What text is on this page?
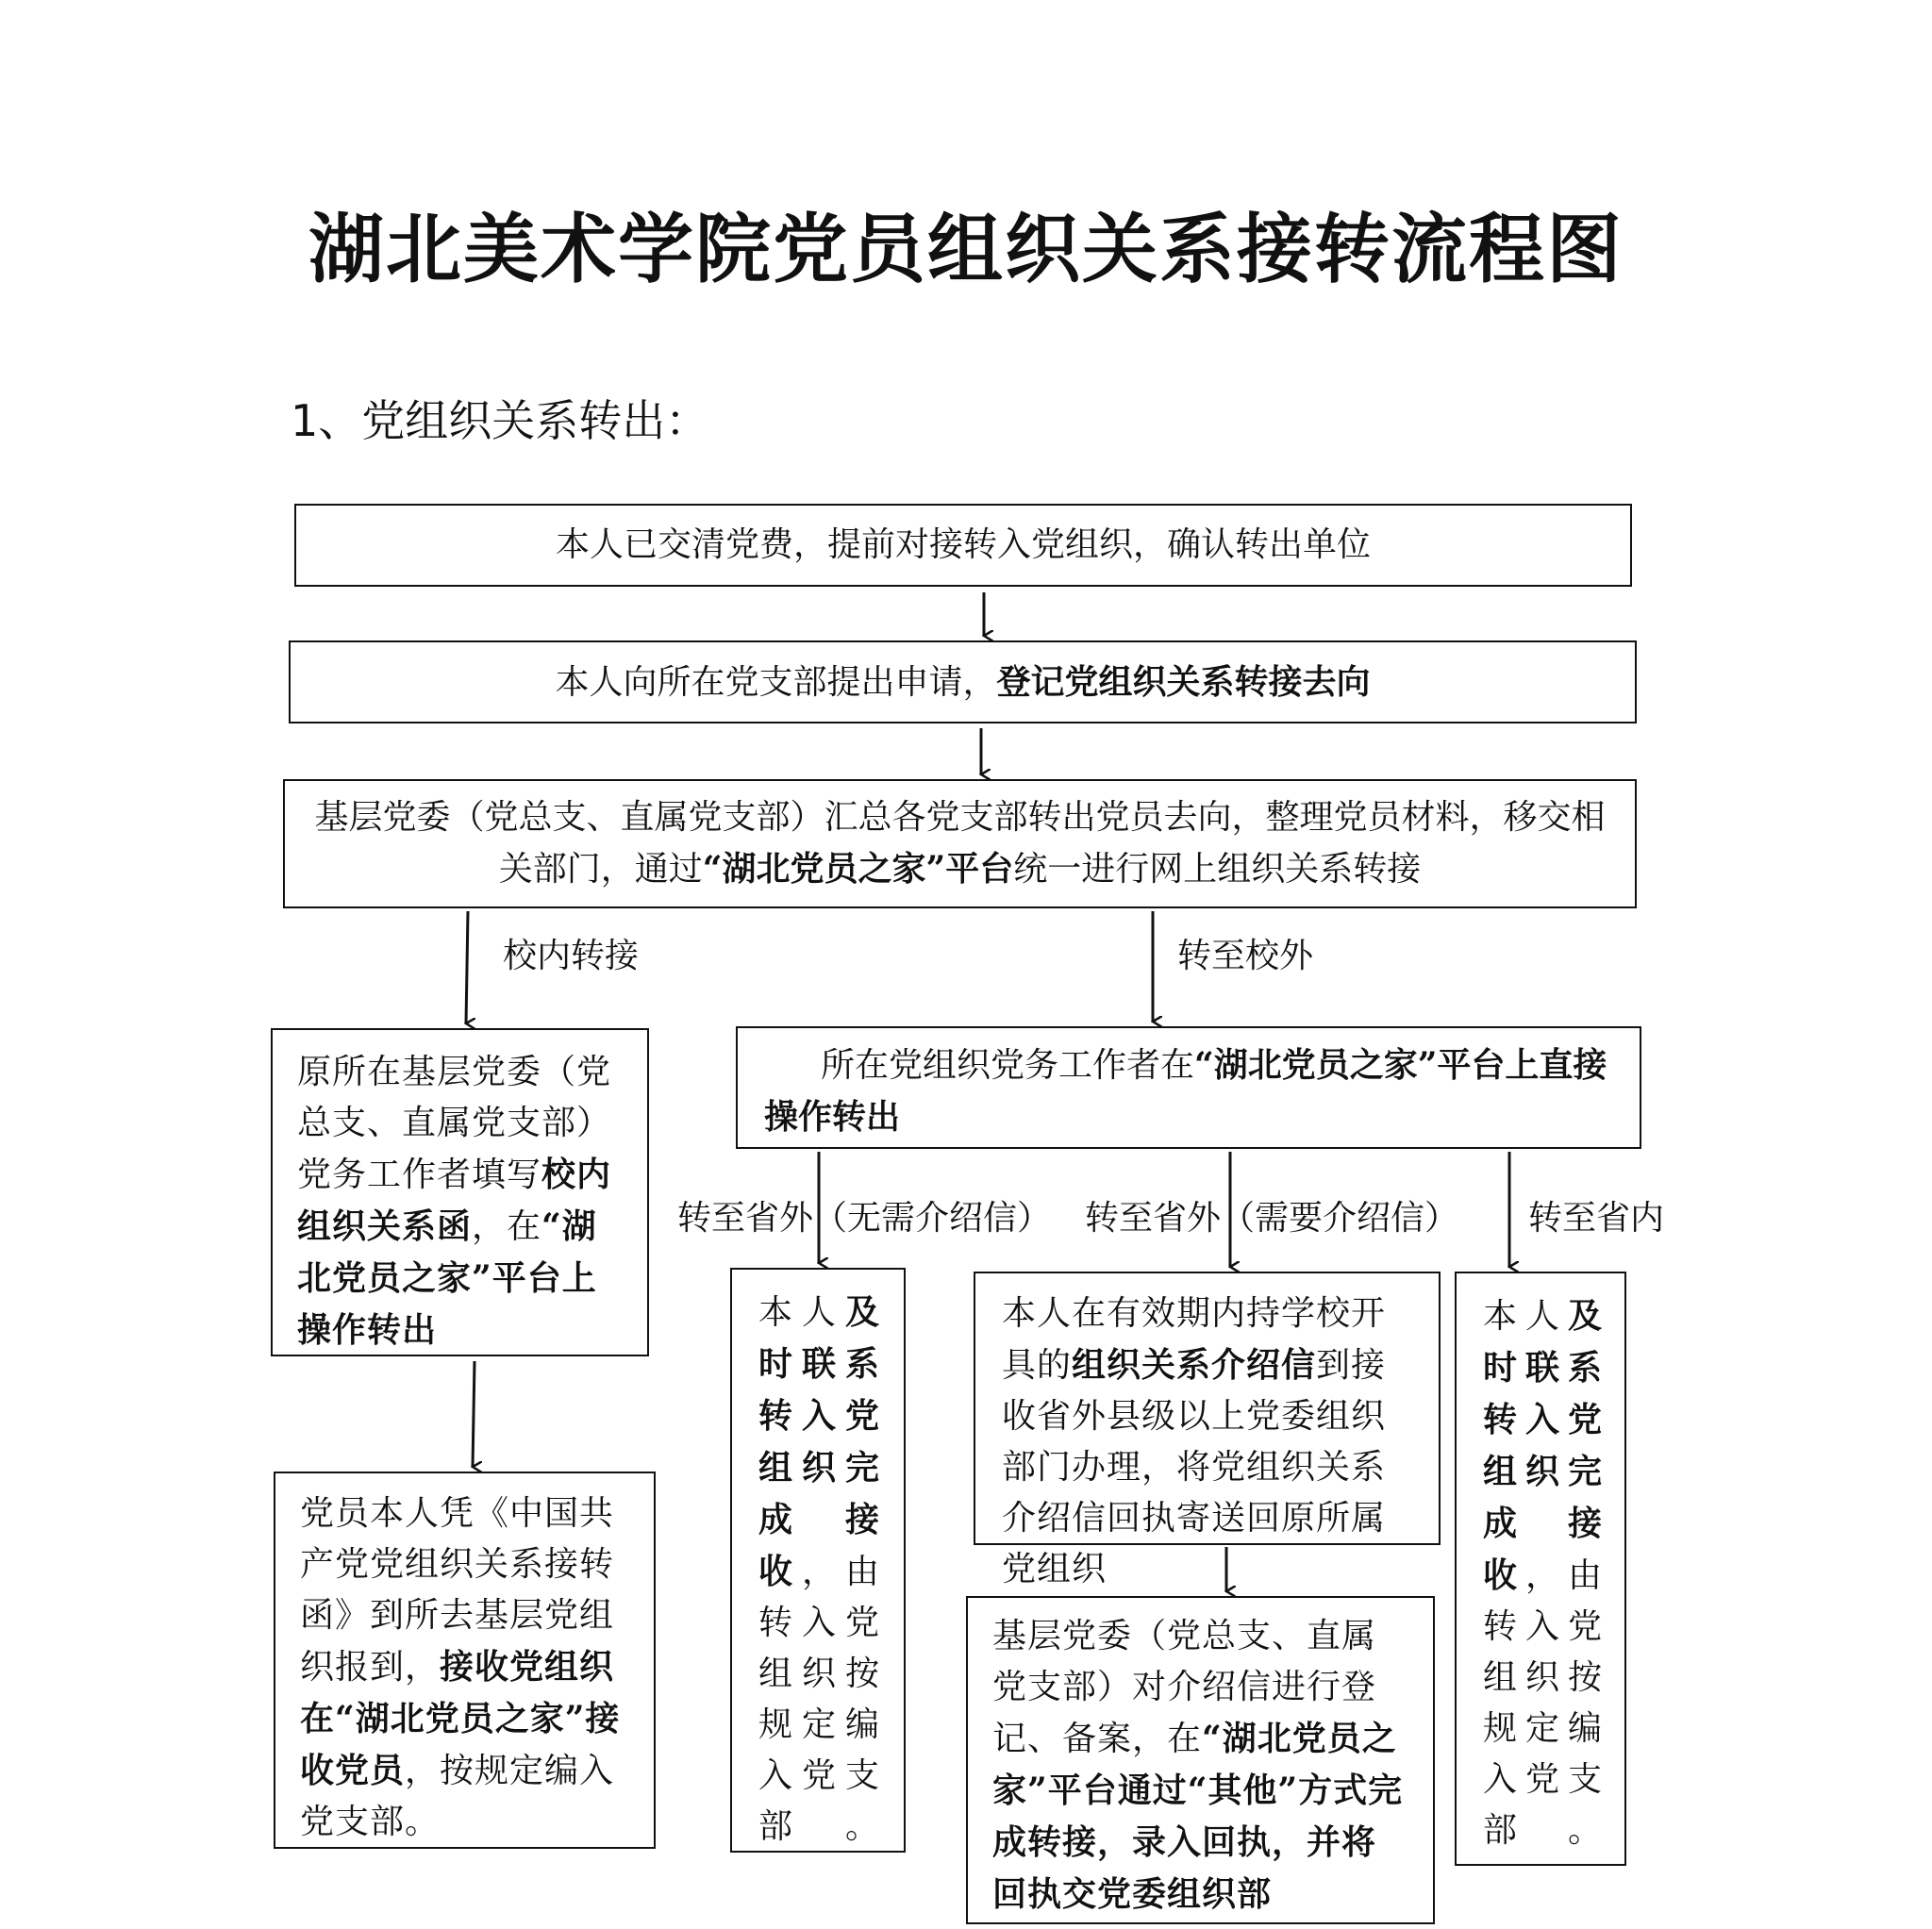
湖北美术学院党员组织关系接转流程图
1、党组织关系转出：
本人已交清党费，提前对接转入党组织，确认转出单位
本人向所在党支部提出申请，登记党组织关系转接去向
基层党委（党总支、直属党支部）汇总各党支部转出党员去向，整理党员材料，移交相关部门，通过“湖北党员之家”平台统一进行网上组织关系转接
校内转接	转至校外
原所在基层党委（党总支、直属党支部）党务工作者填写校内组织关系函，在“湖北党员之家”平台上操作转出
党员本人凭《中国共产党党组织关系接转函》到所去基层党组织报到，接收党组织在“湖北党员之家”接收党员，按规定编入党支部。
所在党组织党务工作者在“湖北党员之家”平台上直接操作转出
转至省外（无需介绍信） 转至省外（需要介绍信） 转至省内
本人及时联系转入党组织完成接收，由转入党组织按规定编入党支部。
本人在有效期内持学校开具的组织关系介绍信到接收省外县级以上党委组织部门办理，将党组织关系介绍信回执寄送回原所属党组织
基层党委（党总支、直属党支部）对介绍信进行登记、备案，在“湖北党员之家”平台通过“其他”方式完成转接，录入回执，并将回执交党委组织部
本人及时联系转入党组织完成接收，由转入党组织按规定编入党支部。
